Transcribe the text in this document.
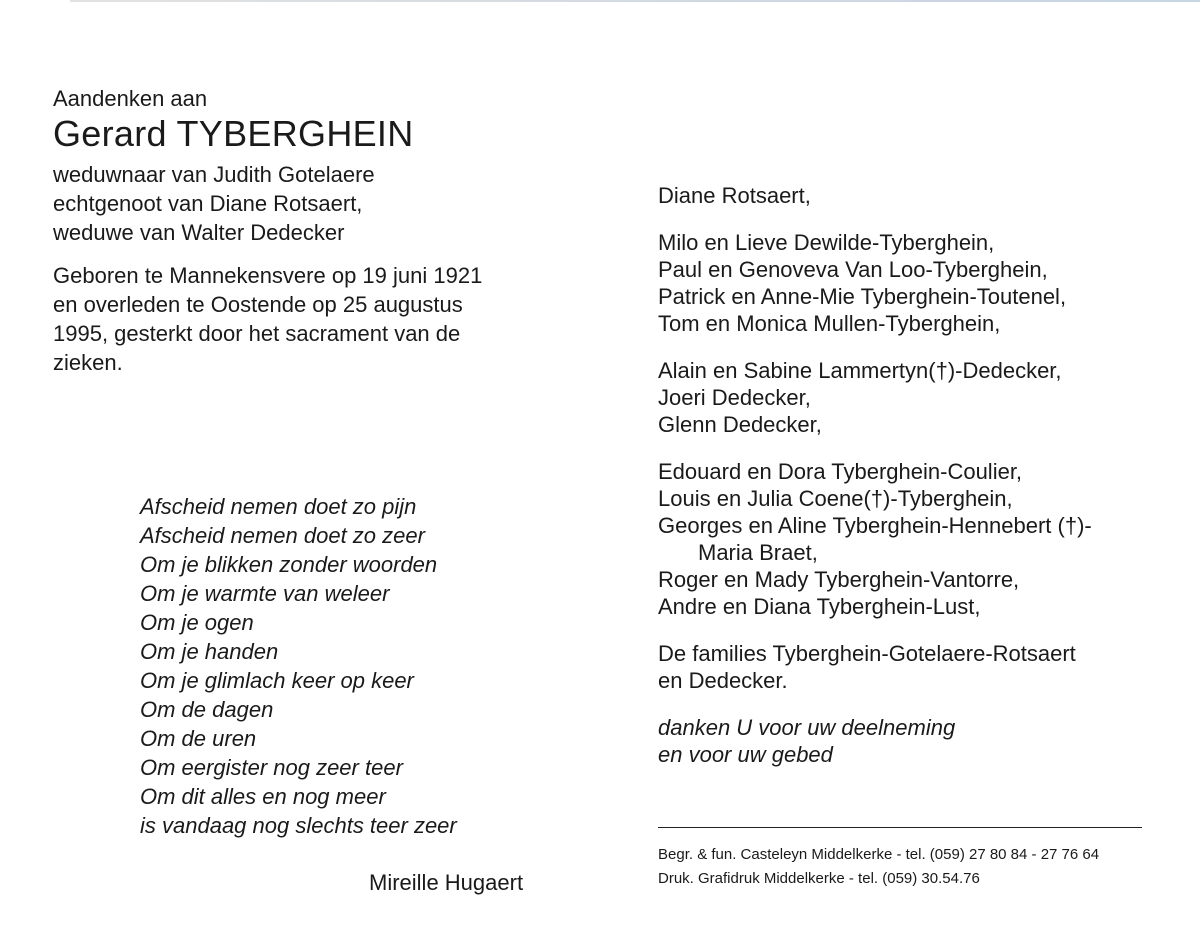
Aandenken aan

Gerard TYBERGHEIN
weduwnaar van Judith Gotelaere
echtgenoot van Diane Rotsaert,
weduwe van Walter Dedecker
Geboren te Mannekensvere op 19 juni 1921
en overleden te Oostende op 25 augustus
1995, gesterkt door het sacrament van de
zieken.
Afscheid nemen doet zo pijn
Afscheid nemen doet zo zeer
Om je blikken zonder woorden
Om je warmte van weleer
Om je ogen
Om je handen
Om je glimlach keer op keer
Om de dagen
Om de uren
Om eergister nog zeer teer
Om dit alles en nog meer
is vandaag nog slechts teer zeer
Mireille Hugaert
Diane Rotsaert,
Milo en Lieve Dewilde-Tyberghein,
Paul en Genoveva Van Loo-Tyberghein,
Patrick en Anne-Mie Tyberghein-Toutenel,
Tom en Monica Mullen-Tyberghein,
Alain en Sabine Lammertyn(†)-Dedecker,
Joeri Dedecker,
Glenn Dedecker,
Edouard en Dora Tyberghein-Coulier,
Louis en Julia Coene(†)-Tyberghein,
Georges en Aline Tyberghein-Hennebert (†)-
Maria Braet,
Roger en Mady Tyberghein-Vantorre,
Andre en Diana Tyberghein-Lust,
De families Tyberghein-Gotelaere-Rotsaert
en Dedecker.
danken U voor uw deelneming
en voor uw gebed
Begr. & fun. Casteleyn Middelkerke - tel. (059) 27 80 84 - 27 76 64
Druk. Grafidruk Middelkerke - tel. (059) 30.54.76
